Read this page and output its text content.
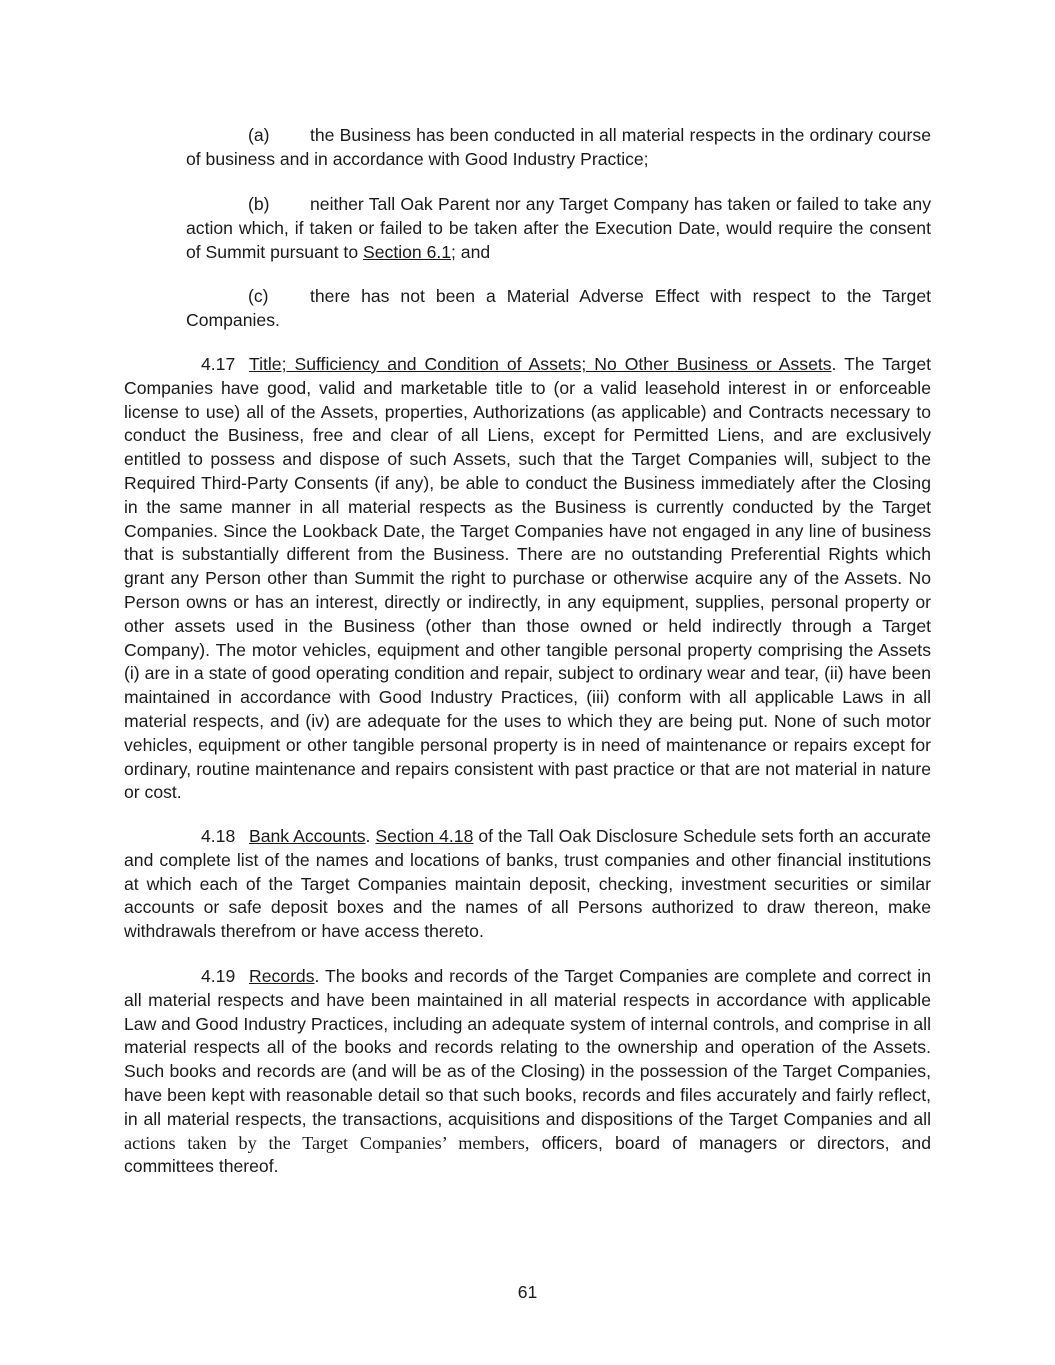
(a) the Business has been conducted in all material respects in the ordinary course of business and in accordance with Good Industry Practice;

(b) neither Tall Oak Parent nor any Target Company has taken or failed to take any action which, if taken or failed to be taken after the Execution Date, would require the consent of Summit pursuant to Section 6.1; and

(c) there has not been a Material Adverse Effect with respect to the Target Companies.

4.17 Title; Sufficiency and Condition of Assets; No Other Business or Assets. The Target Companies have good, valid and marketable title to (or a valid leasehold interest in or enforceable license to use) all of the Assets, properties, Authorizations (as applicable) and Contracts necessary to conduct the Business, free and clear of all Liens, except for Permitted Liens, and are exclusively entitled to possess and dispose of such Assets, such that the Target Companies will, subject to the Required Third-Party Consents (if any), be able to conduct the Business immediately after the Closing in the same manner in all material respects as the Business is currently conducted by the Target Companies. Since the Lookback Date, the Target Companies have not engaged in any line of business that is substantially different from the Business. There are no outstanding Preferential Rights which grant any Person other than Summit the right to purchase or otherwise acquire any of the Assets. No Person owns or has an interest, directly or indirectly, in any equipment, supplies, personal property or other assets used in the Business (other than those owned or held indirectly through a Target Company). The motor vehicles, equipment and other tangible personal property comprising the Assets (i) are in a state of good operating condition and repair, subject to ordinary wear and tear, (ii) have been maintained in accordance with Good Industry Practices, (iii) conform with all applicable Laws in all material respects, and (iv) are adequate for the uses to which they are being put. None of such motor vehicles, equipment or other tangible personal property is in need of maintenance or repairs except for ordinary, routine maintenance and repairs consistent with past practice or that are not material in nature or cost.

4.18 Bank Accounts. Section 4.18 of the Tall Oak Disclosure Schedule sets forth an accurate and complete list of the names and locations of banks, trust companies and other financial institutions at which each of the Target Companies maintain deposit, checking, investment securities or similar accounts or safe deposit boxes and the names of all Persons authorized to draw thereon, make withdrawals therefrom or have access thereto.

4.19 Records. The books and records of the Target Companies are complete and correct in all material respects and have been maintained in all material respects in accordance with applicable Law and Good Industry Practices, including an adequate system of internal controls, and comprise in all material respects all of the books and records relating to the ownership and operation of the Assets. Such books and records are (and will be as of the Closing) in the possession of the Target Companies, have been kept with reasonable detail so that such books, records and files accurately and fairly reflect, in all material respects, the transactions, acquisitions and dispositions of the Target Companies and all actions taken by the Target Companies’ members, officers, board of managers or directors, and committees thereof.

61
